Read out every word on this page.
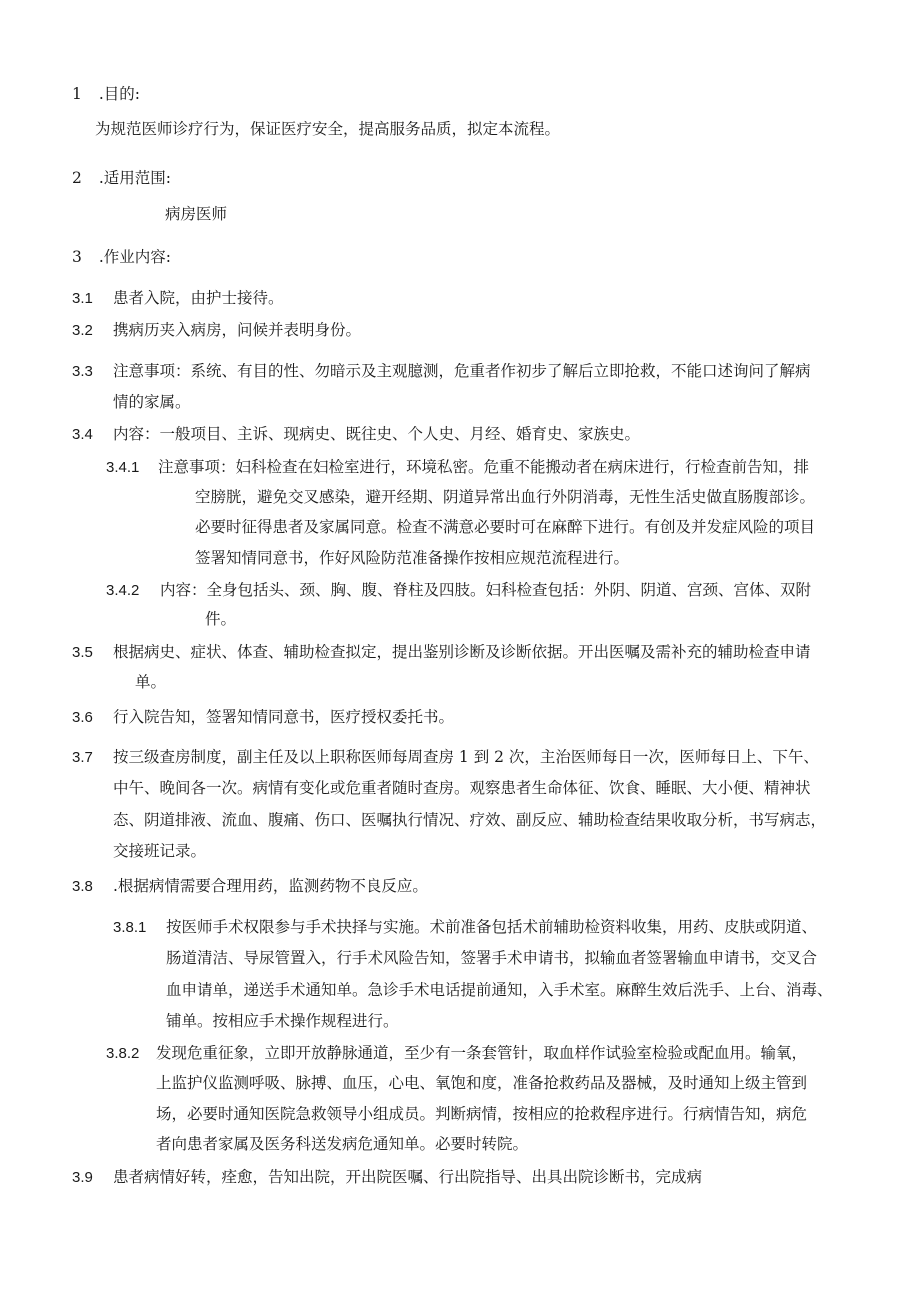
1 .目的:
为规范医师诊疗行为，保证医疗安全，提高服务品质，拟定本流程。
2 .适用范围:
病房医师
3 .作业内容:
3.1 患者入院，由护士接待。
3.2 携病历夹入病房，问候并表明身份。
3.3 注意事项：系统、有目的性、勿暗示及主观臆测，危重者作初步了解后立即抢救，不能口述询问了解病
情的家属。
3.4 内容：一般项目、主诉、现病史、既往史、个人史、月经、婚育史、家族史。
3.4.1 注意事项：妇科检查在妇检室进行，环境私密。危重不能搬动者在病床进行，行检查前告知，排
空膀胱，避免交叉感染，避开经期、阴道异常出血行外阴消毒，无性生活史做直肠腹部诊。
必要时征得患者及家属同意。检查不满意必要时可在麻醉下进行。有创及并发症风险的项目
签署知情同意书，作好风险防范准备操作按相应规范流程进行。
3.4.2 内容：全身包括头、颈、胸、腹、脊柱及四肢。妇科检查包括：外阴、阴道、宫颈、宫体、双附
件。
3.5 根据病史、症状、体查、辅助检查拟定，提出鉴别诊断及诊断依据。开出医嘱及需补充的辅助检查申请
单。
3.6 行入院告知，签署知情同意书，医疗授权委托书。
3.7 按三级查房制度，副主任及以上职称医师每周查房 1 到 2 次，主治医师每日一次，医师每日上、下午、
中午、晚间各一次。病情有变化或危重者随时查房。观察患者生命体征、饮食、睡眠、大小便、精神状
态、阴道排液、流血、腹痛、伤口、医嘱执行情况、疗效、副反应、辅助检查结果收取分析，书写病志，
交接班记录。
3.8 .根据病情需要合理用药，监测药物不良反应。
3.8.1 按医师手术权限参与手术抉择与实施。术前准备包括术前辅助检资料收集，用药、皮肤或阴道、
肠道清洁、导尿管置入，行手术风险告知，签署手术申请书，拟输血者签署输血申请书，交叉合
血申请单，递送手术通知单。急诊手术电话提前通知，入手术室。麻醉生效后洗手、上台、消毒、
铺单。按相应手术操作规程进行。
3.8.2 发现危重征象，立即开放静脉通道，至少有一条套管针，取血样作试验室检验或配血用。输氧，
上监护仪监测呼吸、脉搏、血压，心电、氧饱和度，准备抢救药品及器械，及时通知上级主管到
场，必要时通知医院急救领导小组成员。判断病情，按相应的抢救程序进行。行病情告知，病危
者向患者家属及医务科送发病危通知单。必要时转院。
3.9 患者病情好转，痊愈，告知出院，开出院医嘱、行出院指导、出具出院诊断书，完成病
